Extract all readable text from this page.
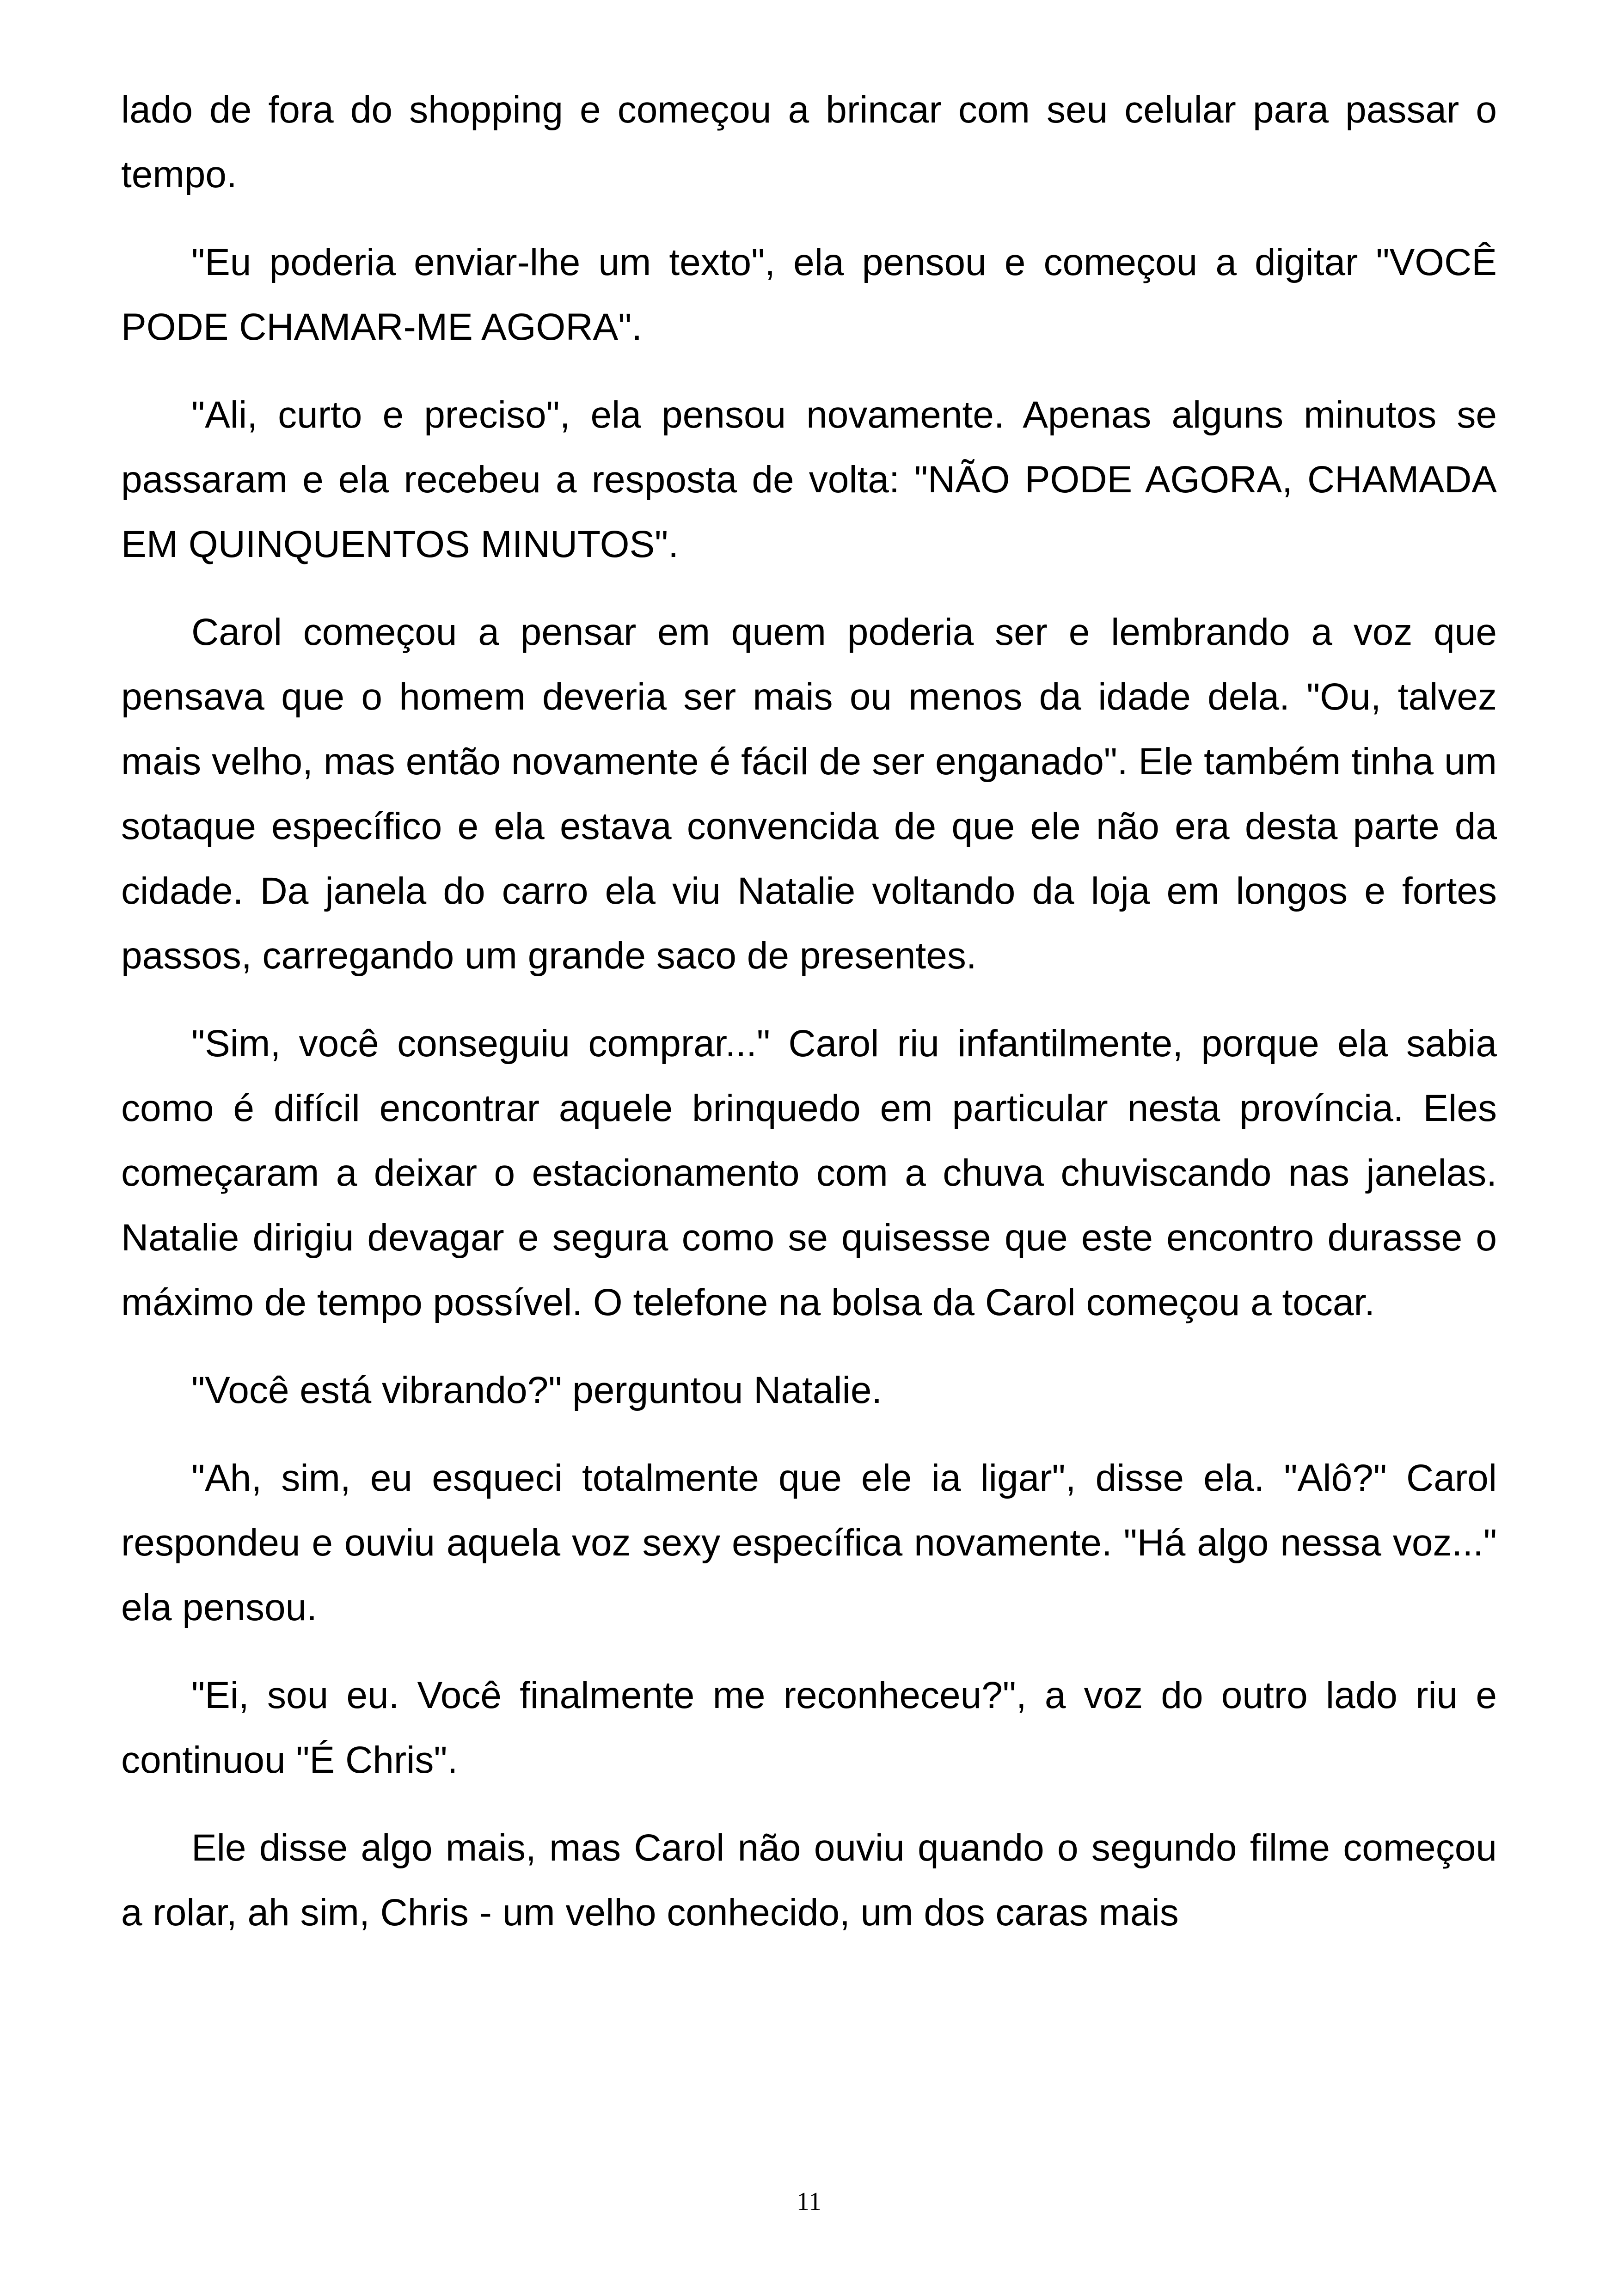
lado de fora do shopping e começou a brincar com seu celular para passar o tempo.

"Eu poderia enviar-lhe um texto", ela pensou e começou a digitar "VOCÊ PODE CHAMAR-ME AGORA".

"Ali, curto e preciso", ela pensou novamente. Apenas alguns minutos se passaram e ela recebeu a resposta de volta: "NÃO PODE AGORA, CHAMADA EM QUINQUENTOS MINUTOS".

Carol começou a pensar em quem poderia ser e lembrando a voz que pensava que o homem deveria ser mais ou menos da idade dela. "Ou, talvez mais velho, mas então novamente é fácil de ser enganado". Ele também tinha um sotaque específico e ela estava convencida de que ele não era desta parte da cidade. Da janela do carro ela viu Natalie voltando da loja em longos e fortes passos, carregando um grande saco de presentes.

"Sim, você conseguiu comprar..." Carol riu infantilmente, porque ela sabia como é difícil encontrar aquele brinquedo em particular nesta província. Eles começaram a deixar o estacionamento com a chuva chuviscando nas janelas. Natalie dirigiu devagar e segura como se quisesse que este encontro durasse o máximo de tempo possível. O telefone na bolsa da Carol começou a tocar.

"Você está vibrando?" perguntou Natalie.

"Ah, sim, eu esqueci totalmente que ele ia ligar", disse ela. "Alô?" Carol respondeu e ouviu aquela voz sexy específica novamente. "Há algo nessa voz..." ela pensou.

"Ei, sou eu. Você finalmente me reconheceu?", a voz do outro lado riu e continuou "É Chris".

Ele disse algo mais, mas Carol não ouviu quando o segundo filme começou a rolar, ah sim, Chris - um velho conhecido, um dos caras mais

11
